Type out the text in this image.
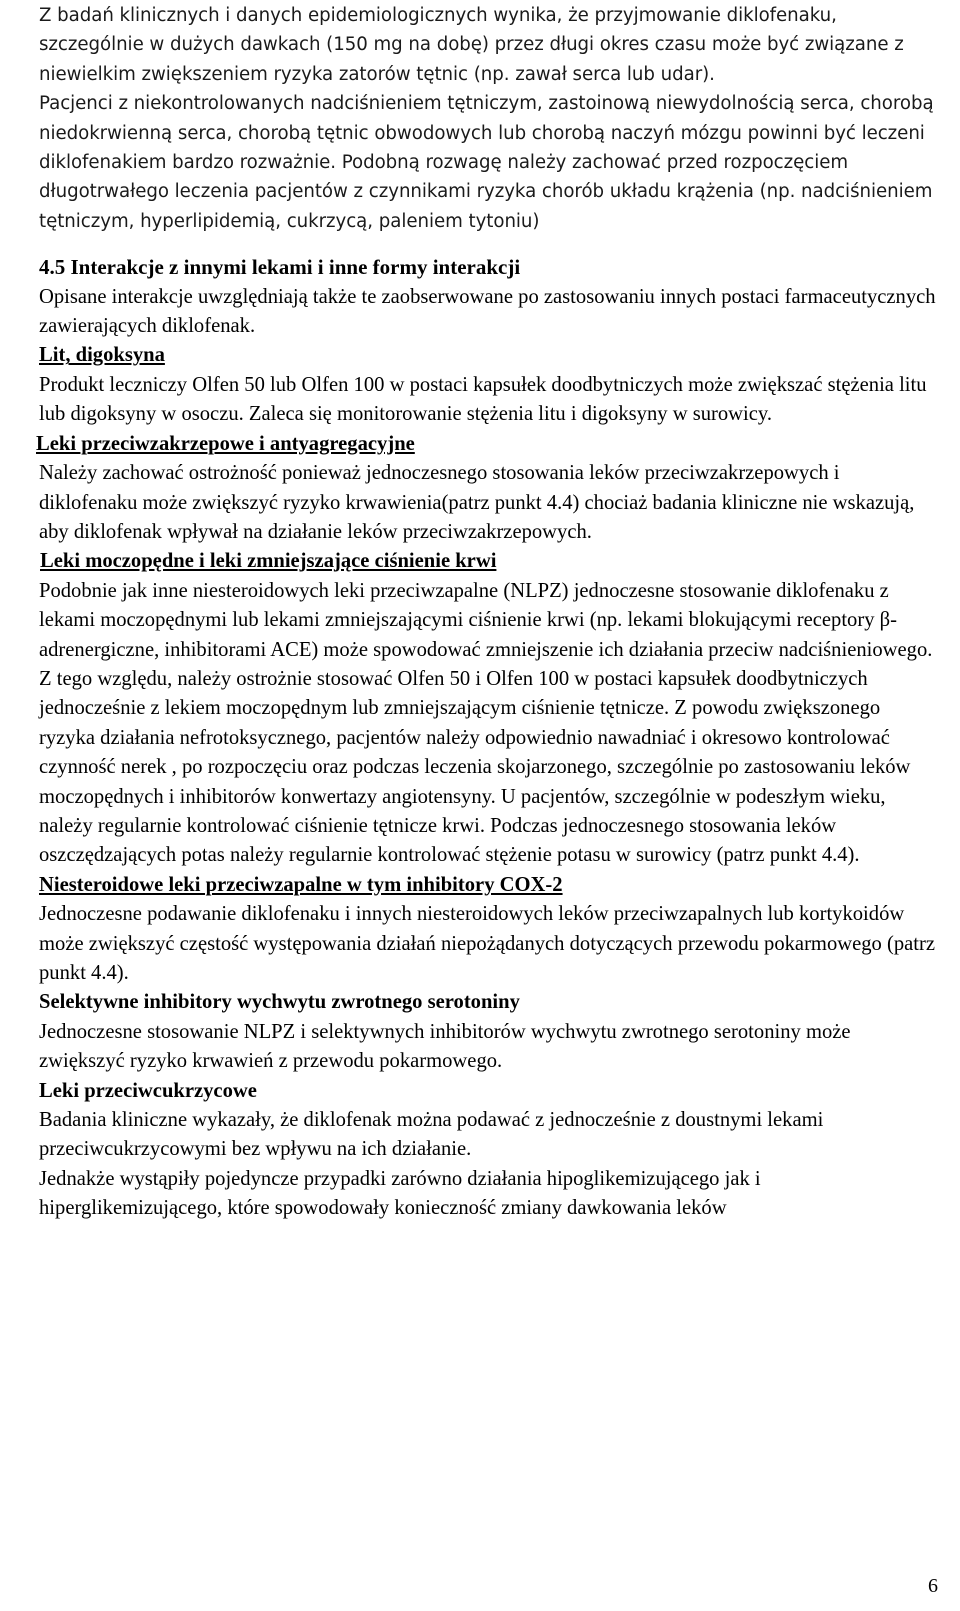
Z badań klinicznych i danych epidemiologicznych wynika, że przyjmowanie diklofenaku, szczególnie w dużych dawkach (150 mg na dobę) przez długi okres czasu może być związane z niewielkim zwiększeniem ryzyka zatorów tętnic (np. zawał serca lub udar).
Pacjenci z niekontrolowanych nadciśnieniem tętniczym, zastoinową niewydolnością serca, chorobą niedokrwienną serca, chorobą tętnic obwodowych lub chorobą naczyń mózgu powinni być leczeni diklofenakiem bardzo rozważnie. Podobną rozwagę należy zachować przed rozpoczęciem długotrwałego leczenia pacjentów z czynnikami ryzyka chorób układu krążenia (np. nadciśnieniem tętniczym, hyperlipidemią, cukrzycą, paleniem tytoniu)

4.5 Interakcje z innymi lekami i inne formy interakcji

Opisane interakcje uwzględniają także te zaobserwowane po zastosowaniu innych postaci farmaceutycznych zawierających diklofenak.

Lit, digoksyna

Produkt leczniczy Olfen 50 lub Olfen 100 w postaci kapsułek doodbytniczych może zwiększać stężenia litu lub digoksyny w osoczu. Zaleca się monitorowanie stężenia litu i digoksyny w surowicy.

Leki przeciwzakrzepowe i antyagregacyjne

Należy zachować ostrożność ponieważ jednoczesnego stosowania leków przeciwzakrzepowych i diklofenaku może zwiększyć ryzyko krwawienia(patrz punkt 4.4) chociaż badania kliniczne nie wskazują, aby diklofenak wpływał na działanie leków przeciwzakrzepowych.

Leki moczopędne i leki zmniejszające ciśnienie krwi

Podobnie jak inne niesteroidowych leki przeciwzapalne (NLPZ) jednoczesne stosowanie diklofenaku z lekami moczopędnymi lub lekami zmniejszającymi ciśnienie krwi (np. lekami blokującymi receptory β-adrenergiczne, inhibitorami ACE) może spowodować zmniejszenie ich działania przeciw nadciśnieniowego. Z tego względu, należy ostrożnie stosować Olfen 50 i Olfen 100 w postaci kapsułek doodbytniczych jednocześnie z lekiem moczopędnym lub zmniejszającym ciśnienie tętnicze. Z powodu zwiększonego ryzyka działania nefrotoksycznego, pacjentów należy odpowiednio nawadniać i okresowo kontrolować czynność nerek , po rozpoczęciu oraz podczas leczenia skojarzonego, szczególnie po zastosowaniu leków moczopędnych i inhibitorów konwertazy angiotensyny. U pacjentów, szczególnie w podeszłym wieku, należy regularnie kontrolować ciśnienie tętnicze krwi. Podczas jednoczesnego stosowania leków oszczędzających potas należy regularnie kontrolować stężenie potasu w surowicy (patrz punkt 4.4).

Niesteroidowe leki przeciwzapalne w tym inhibitory COX-2

Jednoczesne podawanie diklofenaku i innych niesteroidowych leków przeciwzapalnych lub kortykoidów może zwiększyć częstość występowania działań niepożądanych dotyczących przewodu pokarmowego (patrz punkt 4.4).

Selektywne inhibitory wychwytu zwrotnego serotoniny

Jednoczesne stosowanie NLPZ i selektywnych inhibitorów wychwytu zwrotnego serotoniny może zwiększyć ryzyko krwawień z przewodu pokarmowego.

Leki przeciwcukrzycowe

Badania kliniczne wykazały, że diklofenak można podawać z jednocześnie z doustnymi lekami przeciwcukrzycowymi bez wpływu na ich działanie.

Jednakże wystąpiły pojedyncze przypadki zarówno działania hipoglikemizującego jak i hiperglikemizującego, które spowodowały konieczność zmiany dawkowania leków

6
